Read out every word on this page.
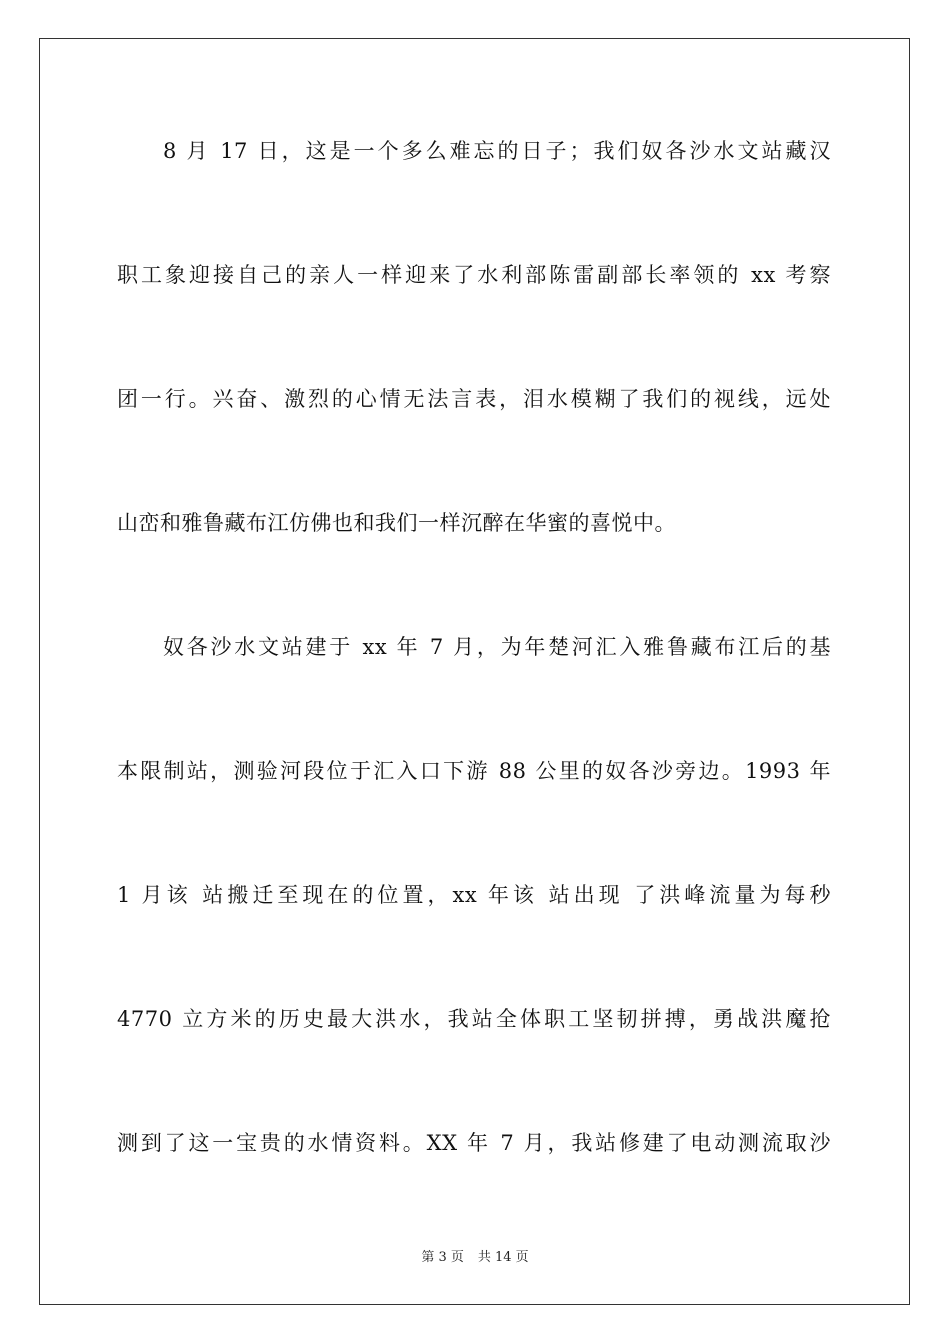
8 月 17 日，这是一个多么难忘的日子；我们奴各沙水文站藏汉
职工象迎接自己的亲人一样迎来了水利部陈雷副部长率领的 xx 考察
团一行。兴奋、激烈的心情无法言表，泪水模糊了我们的视线，远处
山峦和雅鲁藏布江仿佛也和我们一样沉醉在华蜜的喜悦中。
奴各沙水文站建于 xx 年 7 月，为年楚河汇入雅鲁藏布江后的基
本限制站，测验河段位于汇入口下游 88 公里的奴各沙旁边。1993 年
1 月该 站搬迁至现在的位置，xx 年该 站出现 了洪峰流量为每秒
4770 立方米的历史最大洪水，我站全体职工坚韧拼搏，勇战洪魔抢
测到了这一宝贵的水情资料。XX 年 7 月，我站修建了电动测流取沙
第 3 页 共 14 页
